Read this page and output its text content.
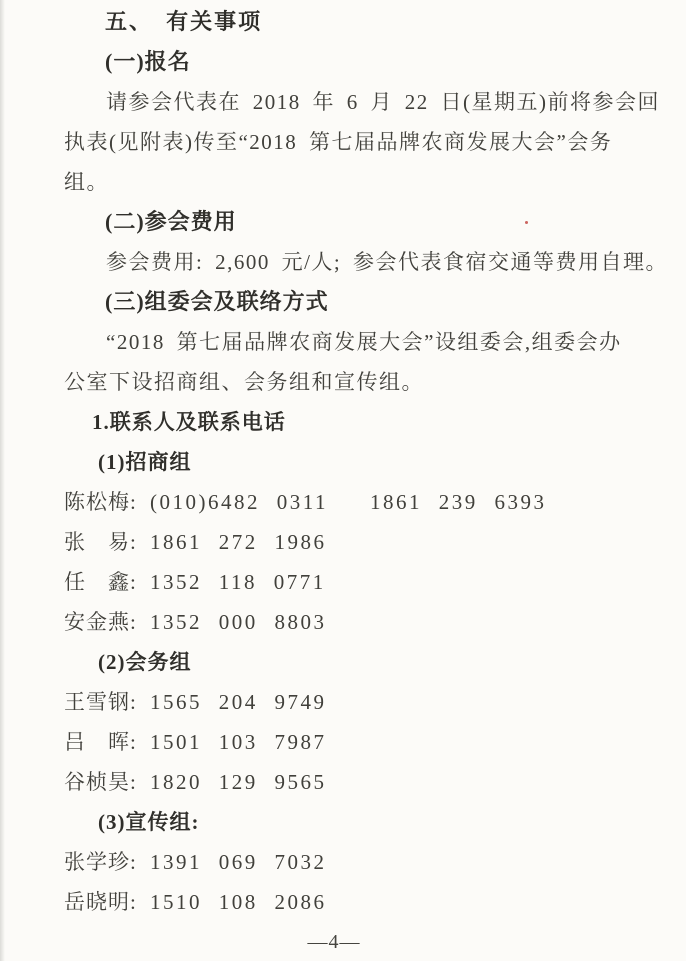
五、 有关事项
(一)报名
请参会代表在 2018 年 6 月 22 日(星期五)前将参会回
执表(见附表)传至“2018 第七届品牌农商发展大会”会务
组。
(二)参会费用
参会费用: 2,600 元/人; 参会代表食宿交通等费用自理。
(三)组委会及联络方式
“2018 第七届品牌农商发展大会”设组委会,组委会办
公室下设招商组、会务组和宣传组。
1.联系人及联系电话
(1)招商组
陈松梅: (010)6482 0311 1861 239 6393
张　易: 1861 272 1986
任　鑫: 1352 118 0771
安金燕: 1352 000 8803
(2)会务组
王雪钢: 1565 204 9749
吕　晖: 1501 103 7987
谷桢昊: 1820 129 9565
(3)宣传组:
张学珍: 1391 069 7032
岳晓明: 1510 108 2086
—4—
